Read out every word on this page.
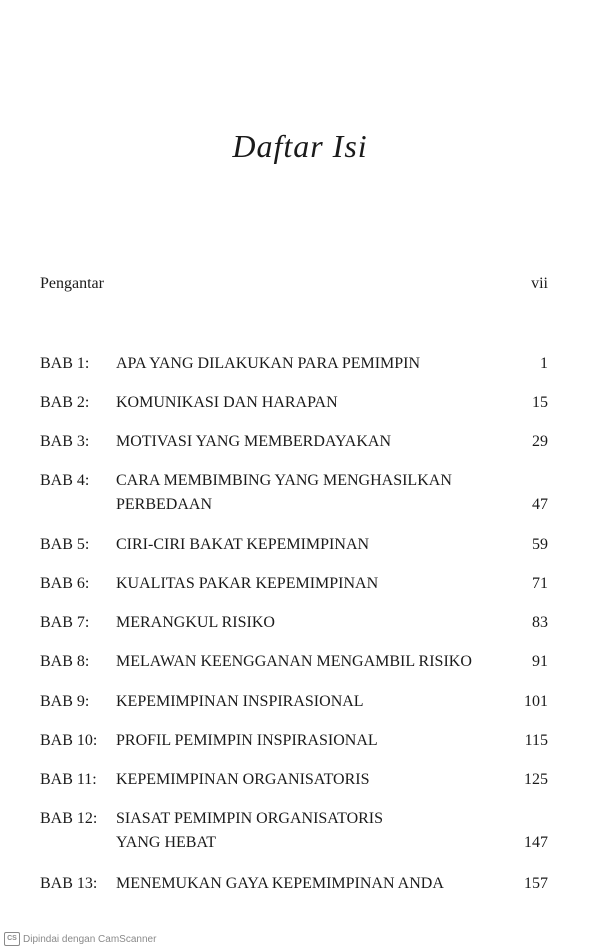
Daftar Isi
Pengantar	vii
BAB 1: APA YANG DILAKUKAN PARA PEMIMPIN	1
BAB 2: KOMUNIKASI DAN HARAPAN	15
BAB 3: MOTIVASI YANG MEMBERDAYAKAN	29
BAB 4: CARA MEMBIMBING YANG MENGHASILKAN
PERBEDAAN	47
BAB 5: CIRI-CIRI BAKAT KEPEMIMPINAN	59
BAB 6: KUALITAS PAKAR KEPEMIMPINAN	71
BAB 7: MERANGKUL RISIKO	83
BAB 8: MELAWAN KEENGGANAN MENGAMBIL RISIKO	91
BAB 9: KEPEMIMPINAN INSPIRASIONAL	101
BAB 10: PROFIL PEMIMPIN INSPIRASIONAL	115
BAB 11: KEPEMIMPINAN ORGANISATORIS	125
BAB 12: SIASAT PEMIMPIN ORGANISATORIS
YANG HEBAT	147
BAB 13: MENEMUKAN GAYA KEPEMIMPINAN ANDA	157
CS Dipindai dengan CamScanner
